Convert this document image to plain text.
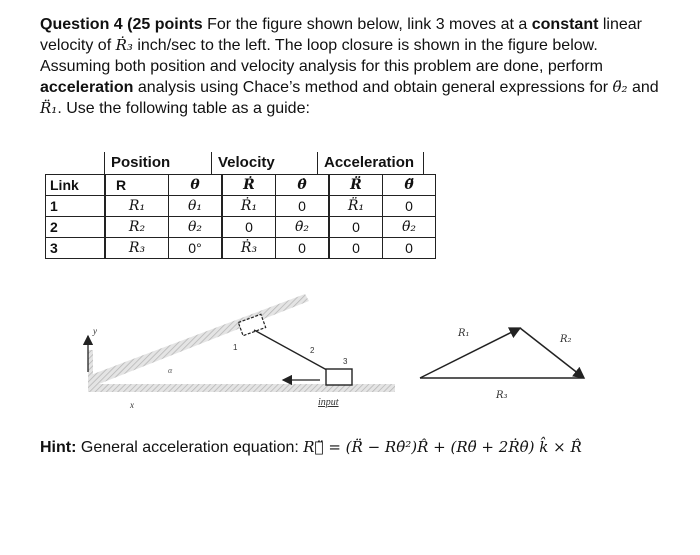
Question 4 (25 points For the figure shown below, link 3 moves at a constant linear

velocity of Ṙ₃ inch/sec to the left. The loop closure is shown in the figure below.

Assuming both position and velocity analysis for this problem are done, perform

acceleration analysis using Chace’s method and obtain general expressions for θ̈₂ and

R̈₁. Use the following table as a guide:

Position	Velocity	Acceleration
Link	R	θ	Ṙ	θ̇	R̈	θ̈
1	R₁	θ₁	Ṙ₁	0	R̈₁	0
2	R₂	θ₂	0	θ̇₂	0	θ̈₂
3	R₃	0°	Ṙ₃	0	0	0
y
x
α
1	2
3
input
R₁
R₂
R₃
Hint: General acceleration equation: R⃗̈ = (R̈ − Rθ̇²)R̂ + (Rθ̈ + 2Ṙθ̇) k̂ × R̂
